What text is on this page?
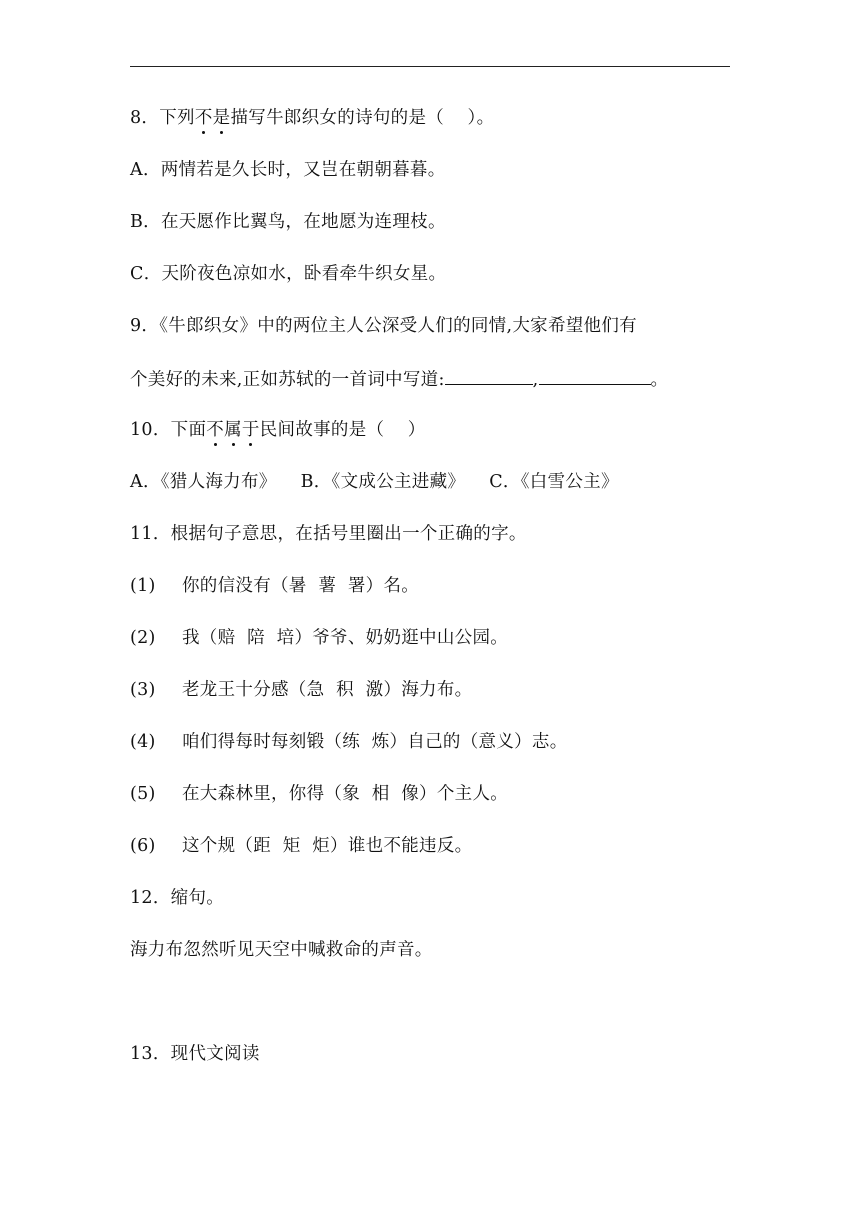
8．下列不是描写牛郎织女的诗句的是（    ）。
A．两情若是久长时，又岂在朝朝暮暮。
B．在天愿作比翼鸟，在地愿为连理枝。
C．天阶夜色凉如水，卧看牵牛织女星。
9．《牛郎织女》中的两位主人公深受人们的同情,大家希望他们有
个美好的未来,正如苏轼的一首词中写道:	,	。
10．下面不属于民间故事的是（    ）
A．《猎人海力布》 B．《文成公主进藏》 C．《白雪公主》
11．根据句子意思，在括号里圈出一个正确的字。
(1) 你的信没有（暑  薯  署）名。
(2) 我（赔  陪  培）爷爷、奶奶逛中山公园。
(3) 老龙王十分感（急  积  激）海力布。
(4) 咱们得每时每刻锻（练  炼）自己的（意义）志。
(5) 在大森林里，你得（象  相  像）个主人。
(6) 这个规（距  矩  炬）谁也不能违反。
12．缩句。
海力布忽然听见天空中喊救命的声音。
13．现代文阅读
